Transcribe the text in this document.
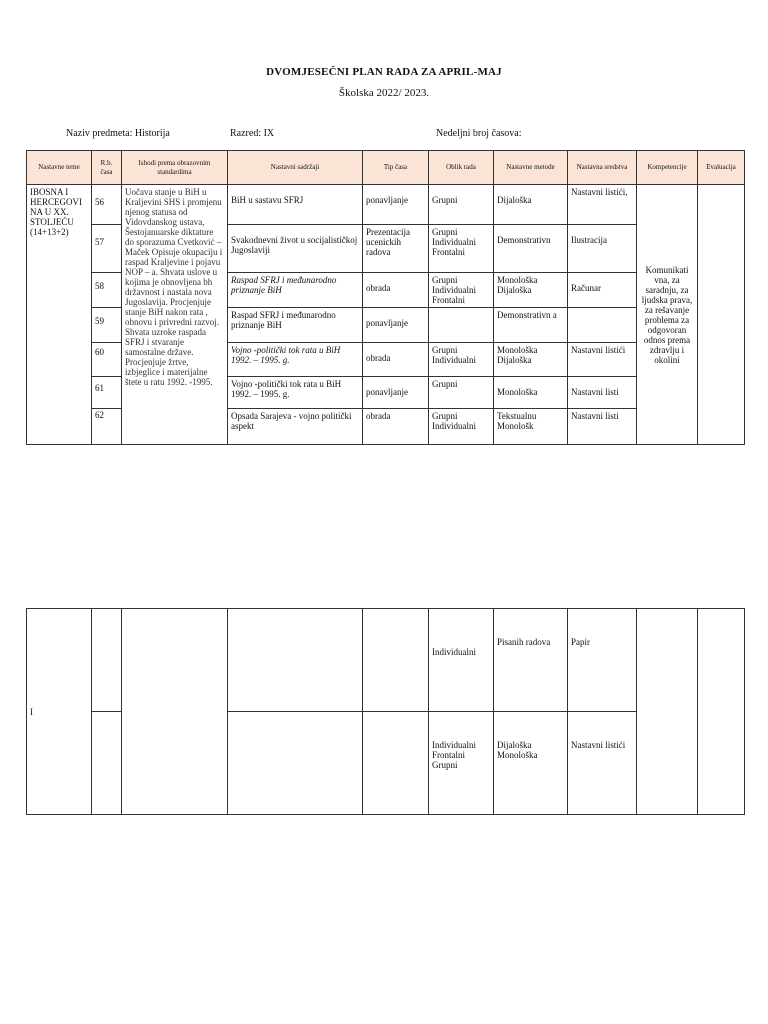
DVOMJESEČNI PLAN RADA ZA APRIL-MAJ
Školska 2022/ 2023.
Naziv predmeta: Historija	Razred: IX	Nedeljni broj časova:
Nastavne teme	R.b. časa	Ishodi prema obrazovnim standardima	Nastavni sadržaji	Tip časa	Oblik rada	Nastavne metode	Nastavna sredstva	Kompetencije	Evaluacija
IBOSNA I HERCEGOVI NA U XX. STOLJEĆU (14+13+2)	56	Uočava stanje u BiH u Kraljevini SHS i promjenu njenog statusa od Vidovdanskog ustava, Šestojanuarske diktature do sporazuma Cvetković – Maček Opisuje okupaciju i raspad Kraljevine i pojavu NOP – a. Shvata uslove u kojima je obnovljena bh državnost i nastala nova Jugoslavija. Procjenjuje stanje BiH nakon rata , obnovu i privredni razvoj. Shvata uzroke raspada SFRJ i stvaranje samostalne države. Procjenjuje žrtve, izbjeglice i materijalne štete u ratu 1992. -1995.	BiH u sastavu SFRJ	ponavljanje	Grupni	Dijaloška	Nastavni listići,	Komunikati vna, za saradnju, za ljudska prava, za rešavanje problema za odgovoran odnos prema zdravlju i okolini	
	57		Svakodnevni život u socijalističkoj Jugoslaviji	Prezentacija ucenickih radova	Grupni Individualni Frontalni	Demonstrativn	Ilustracija		
	58		Raspad SFRJ i međunarodno priznanje BiH	obrada	Grupni Individualni Frontalni	Monološka Dijaloška	Računar		
	59		Raspad SFRJ i međunarodno priznanje BiH	ponavljanje		Demonstrativn a			
	60		Vojno -politički tok rata u BiH 1992. – 1995. g.	obrada	Grupni Individualni	Monološka Dijaloška	Nastavni listići		
	61		Vojno -politički tok rata u BiH 1992. – 1995. g.	ponavljanje	Grupni	Monološka	Nastavni listi		
	62		Opsada Sarajeva - vojno politički aspekt	obrada	Grupni Individualni	Tekstualnu Monološk	Nastavni listi		
I					Individualni	Pisanih radova	Papir		
					Individualni Frontalni Grupni	Dijaloška Monološka	Nastavni listići		
